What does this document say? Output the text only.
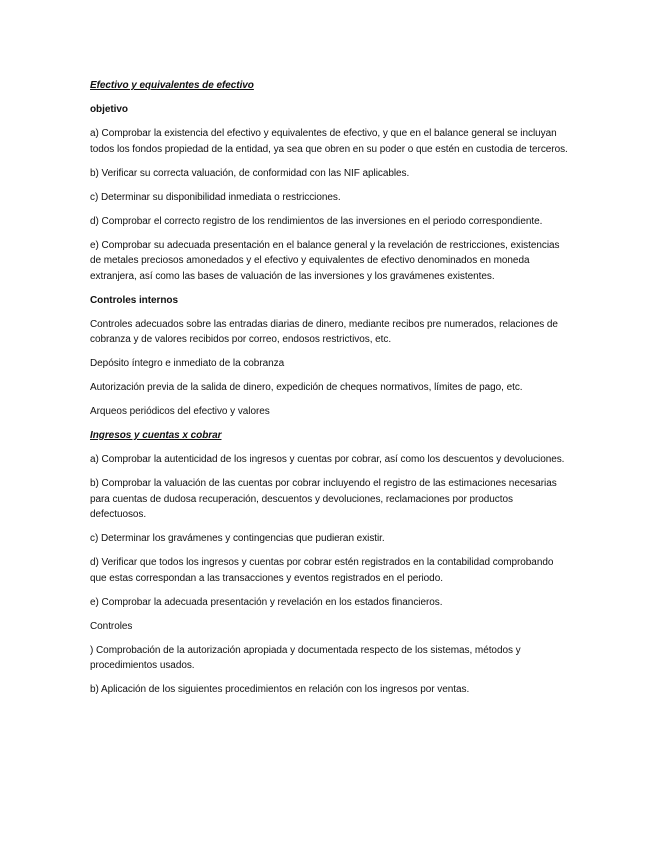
Efectivo y equivalentes de efectivo
objetivo
a) Comprobar la existencia del efectivo y equivalentes de efectivo, y que en el balance general se incluyan todos los fondos propiedad de la entidad, ya sea que obren en su poder o que estén en custodia de terceros.
b) Verificar su correcta valuación, de conformidad con las NIF aplicables.
c) Determinar su disponibilidad inmediata o restricciones.
d) Comprobar el correcto registro de los rendimientos de las inversiones en el periodo correspondiente.
e) Comprobar su adecuada presentación en el balance general y la revelación de restricciones, existencias de metales preciosos amonedados y el efectivo y equivalentes de efectivo denominados en moneda extranjera, así como las bases de valuación de las inversiones y los gravámenes existentes.
Controles internos
Controles adecuados sobre las entradas diarias de dinero, mediante recibos pre numerados, relaciones de cobranza y de valores recibidos por correo, endosos restrictivos, etc.
Depósito íntegro e inmediato de la cobranza
Autorización previa de la salida de dinero, expedición de cheques normativos, límites de pago, etc.
Arqueos periódicos del efectivo y valores
Ingresos y cuentas x cobrar
a) Comprobar la autenticidad de los ingresos y cuentas por cobrar, así como los descuentos y devoluciones.
b) Comprobar la valuación de las cuentas por cobrar incluyendo el registro de las estimaciones necesarias para cuentas de dudosa recuperación, descuentos y devoluciones, reclamaciones por productos defectuosos.
c) Determinar los gravámenes y contingencias que pudieran existir.
d) Verificar que todos los ingresos y cuentas por cobrar estén registrados en la contabilidad comprobando que estas correspondan a las transacciones y eventos registrados en el periodo.
e) Comprobar la adecuada presentación y revelación en los estados financieros.
Controles
) Comprobación de la autorización apropiada y documentada respecto de los sistemas, métodos y procedimientos usados.
b) Aplicación de los siguientes procedimientos en relación con los ingresos por ventas.
